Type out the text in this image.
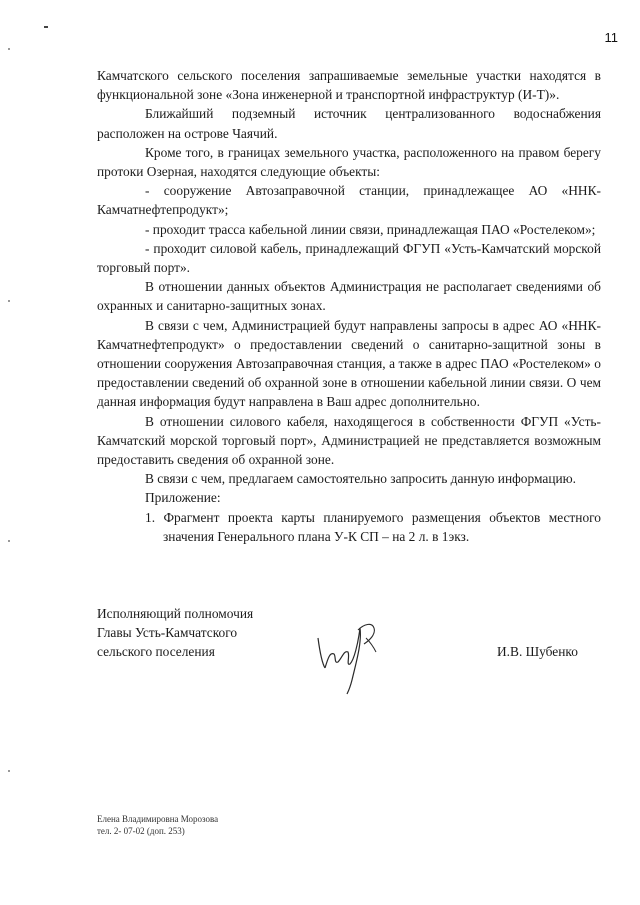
11

Камчатского сельского поселения запрашиваемые земельные участки находятся в функциональной зоне «Зона инженерной и транспортной инфраструктур (И-Т)».

Ближайший подземный источник централизованного водоснабжения расположен на острове Чаячий.

Кроме того, в границах земельного участка, расположенного на правом берегу протоки Озерная, находятся следующие объекты:

- сооружение Автозаправочной станции, принадлежащее АО «ННК-Камчатнефтепродукт»;

- проходит трасса кабельной линии связи, принадлежащая ПАО «Ростелеком»;

- проходит силовой кабель, принадлежащий ФГУП «Усть-Камчатский морской торговый порт».

В отношении данных объектов Администрация не располагает сведениями об охранных и санитарно-защитных зонах.

В связи с чем, Администрацией будут направлены запросы в адрес АО «ННК-Камчатнефтепродукт» о предоставлении сведений о санитарно-защитной зоны в отношении сооружения Автозаправочная станция, а также в адрес ПАО «Ростелеком» о предоставлении сведений об охранной зоне в отношении кабельной линии связи. О чем данная информация будут направлена в Ваш адрес дополнительно.

В отношении силового кабеля, находящегося в собственности ФГУП «Усть-Камчатский морской торговый порт», Администрацией не представляется возможным предоставить сведения об охранной зоне.

В связи с чем, предлагаем самостоятельно запросить данную информацию.

Приложение:

1. Фрагмент проекта карты планируемого размещения объектов местного значения Генерального плана У-К СП – на 2 л. в 1экз.

Исполняющий полномочия
Главы Усть-Камчатского
сельского поселения	И.В. Шубенко
Елена Владимировна Морозова
тел. 2- 07-02 (доп. 253)
